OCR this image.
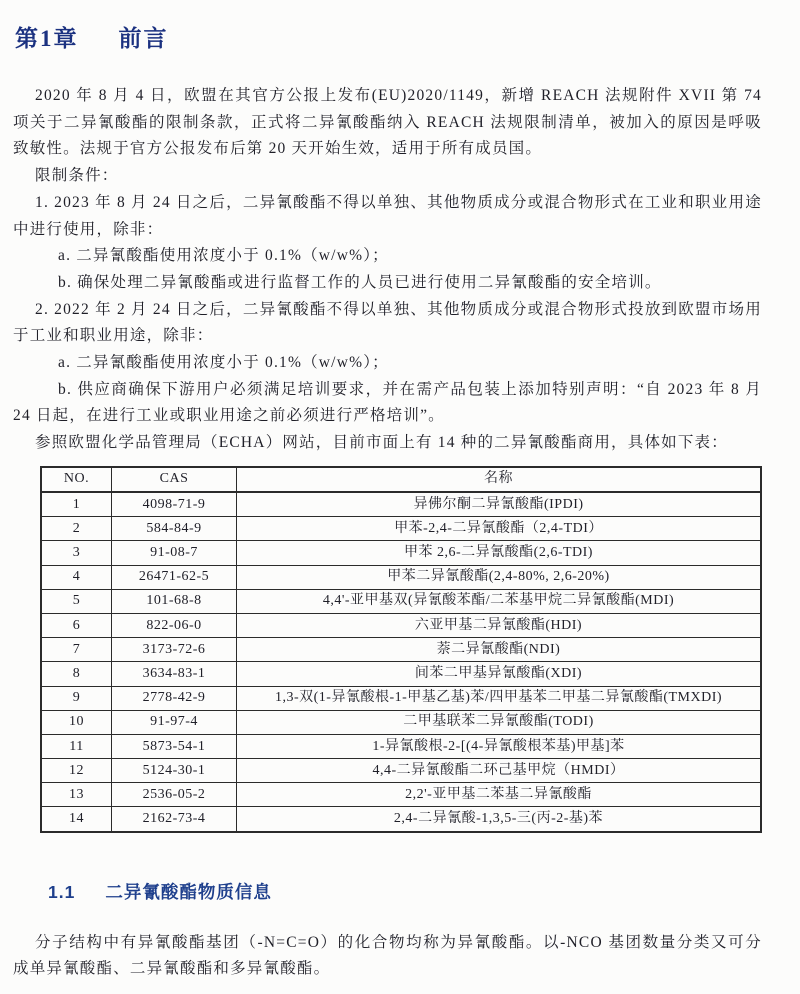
第1章 前言

2020 年 8 月 4 日，欧盟在其官方公报上发布(EU)2020/1149，新增 REACH 法规附件 XVII 第 74 项关于二异氰酸酯的限制条款，正式将二异氰酸酯纳入 REACH 法规限制清单，被加入的原因是呼吸致敏性。法规于官方公报发布后第 20 天开始生效，适用于所有成员国。

限制条件：

1. 2023 年 8 月 24 日之后，二异氰酸酯不得以单独、其他物质成分或混合物形式在工业和职业用途中进行使用，除非：

a. 二异氰酸酯使用浓度小于 0.1%（w/w%）；

b. 确保处理二异氰酸酯或进行监督工作的人员已进行使用二异氰酸酯的安全培训。

2. 2022 年 2 月 24 日之后，二异氰酸酯不得以单独、其他物质成分或混合物形式投放到欧盟市场用于工业和职业用途，除非：

a. 二异氰酸酯使用浓度小于 0.1%（w/w%）；

b. 供应商确保下游用户必须满足培训要求，并在需产品包装上添加特别声明：“自 2023 年 8 月 24 日起，在进行工业或职业用途之前必须进行严格培训”。

参照欧盟化学品管理局（ECHA）网站，目前市面上有 14 种的二异氰酸酯商用，具体如下表：

NO.	CAS	名称
1	4098-71-9	异佛尔酮二异氰酸酯(IPDI)
2	584-84-9	甲苯-2,4-二异氰酸酯（2,4-TDI）
3	91-08-7	甲苯 2,6-二异氰酸酯(2,6-TDI)
4	26471-62-5	甲苯二异氰酸酯(2,4-80%, 2,6-20%)
5	101-68-8	4,4'-亚甲基双(异氰酸苯酯/二苯基甲烷二异氰酸酯(MDI)
6	822-06-0	六亚甲基二异氰酸酯(HDI)
7	3173-72-6	萘二异氰酸酯(NDI)
8	3634-83-1	间苯二甲基异氰酸酯(XDI)
9	2778-42-9	1,3-双(1-异氰酸根-1-甲基乙基)苯/四甲基苯二甲基二异氰酸酯(TMXDI)
10	91-97-4	二甲基联苯二异氰酸酯(TODI)
11	5873-54-1	1-异氰酸根-2-[(4-异氰酸根苯基)甲基]苯
12	5124-30-1	4,4-二异氰酸酯二环己基甲烷（HMDI）
13	2536-05-2	2,2'-亚甲基二苯基二异氰酸酯
14	2162-73-4	2,4-二异氰酸-1,3,5-三(丙-2-基)苯
1.1 二异氰酸酯物质信息

分子结构中有异氰酸酯基团（-N=C=O）的化合物均称为异氰酸酯。以-NCO 基团数量分类又可分成单异氰酸酯、二异氰酸酯和多异氰酸酯。
